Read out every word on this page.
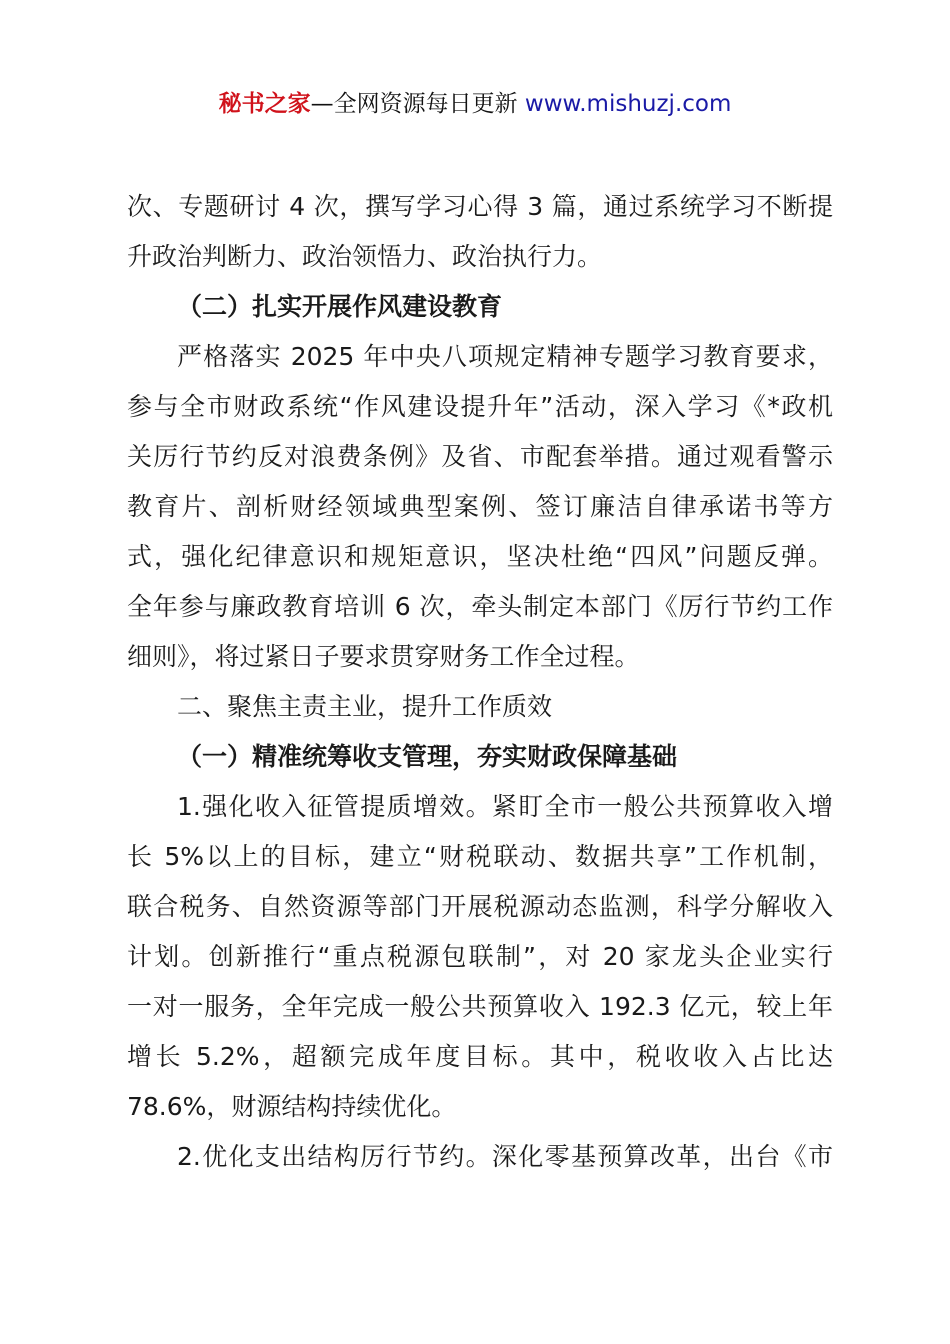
秘书之家—全网资源每日更新 www.mishuzj.com
次、专题研讨 4 次，撰写学习心得 3 篇，通过系统学习不断提
升政治判断力、政治领悟力、政治执行力。
（二）扎实开展作风建设教育
严格落实 2025 年中央八项规定精神专题学习教育要求，
参与全市财政系统“作风建设提升年”活动，深入学习《*政机
关厉行节约反对浪费条例》及省、市配套举措。通过观看警示
教育片、剖析财经领域典型案例、签订廉洁自律承诺书等方
式，强化纪律意识和规矩意识，坚决杜绝“四风”问题反弹。
全年参与廉政教育培训 6 次，牵头制定本部门《厉行节约工作
细则》，将过紧日子要求贯穿财务工作全过程。
二、聚焦主责主业，提升工作质效
（一）精准统筹收支管理，夯实财政保障基础
1.强化收入征管提质增效。紧盯全市一般公共预算收入增
长 5%以上的目标，建立“财税联动、数据共享”工作机制，
联合税务、自然资源等部门开展税源动态监测，科学分解收入
计划。创新推行“重点税源包联制”，对 20 家龙头企业实行
一对一服务，全年完成一般公共预算收入 192.3 亿元，较上年
增长 5.2%，超额完成年度目标。其中，税收收入占比达
78.6%，财源结构持续优化。
2.优化支出结构厉行节约。深化零基预算改革，出台《市
